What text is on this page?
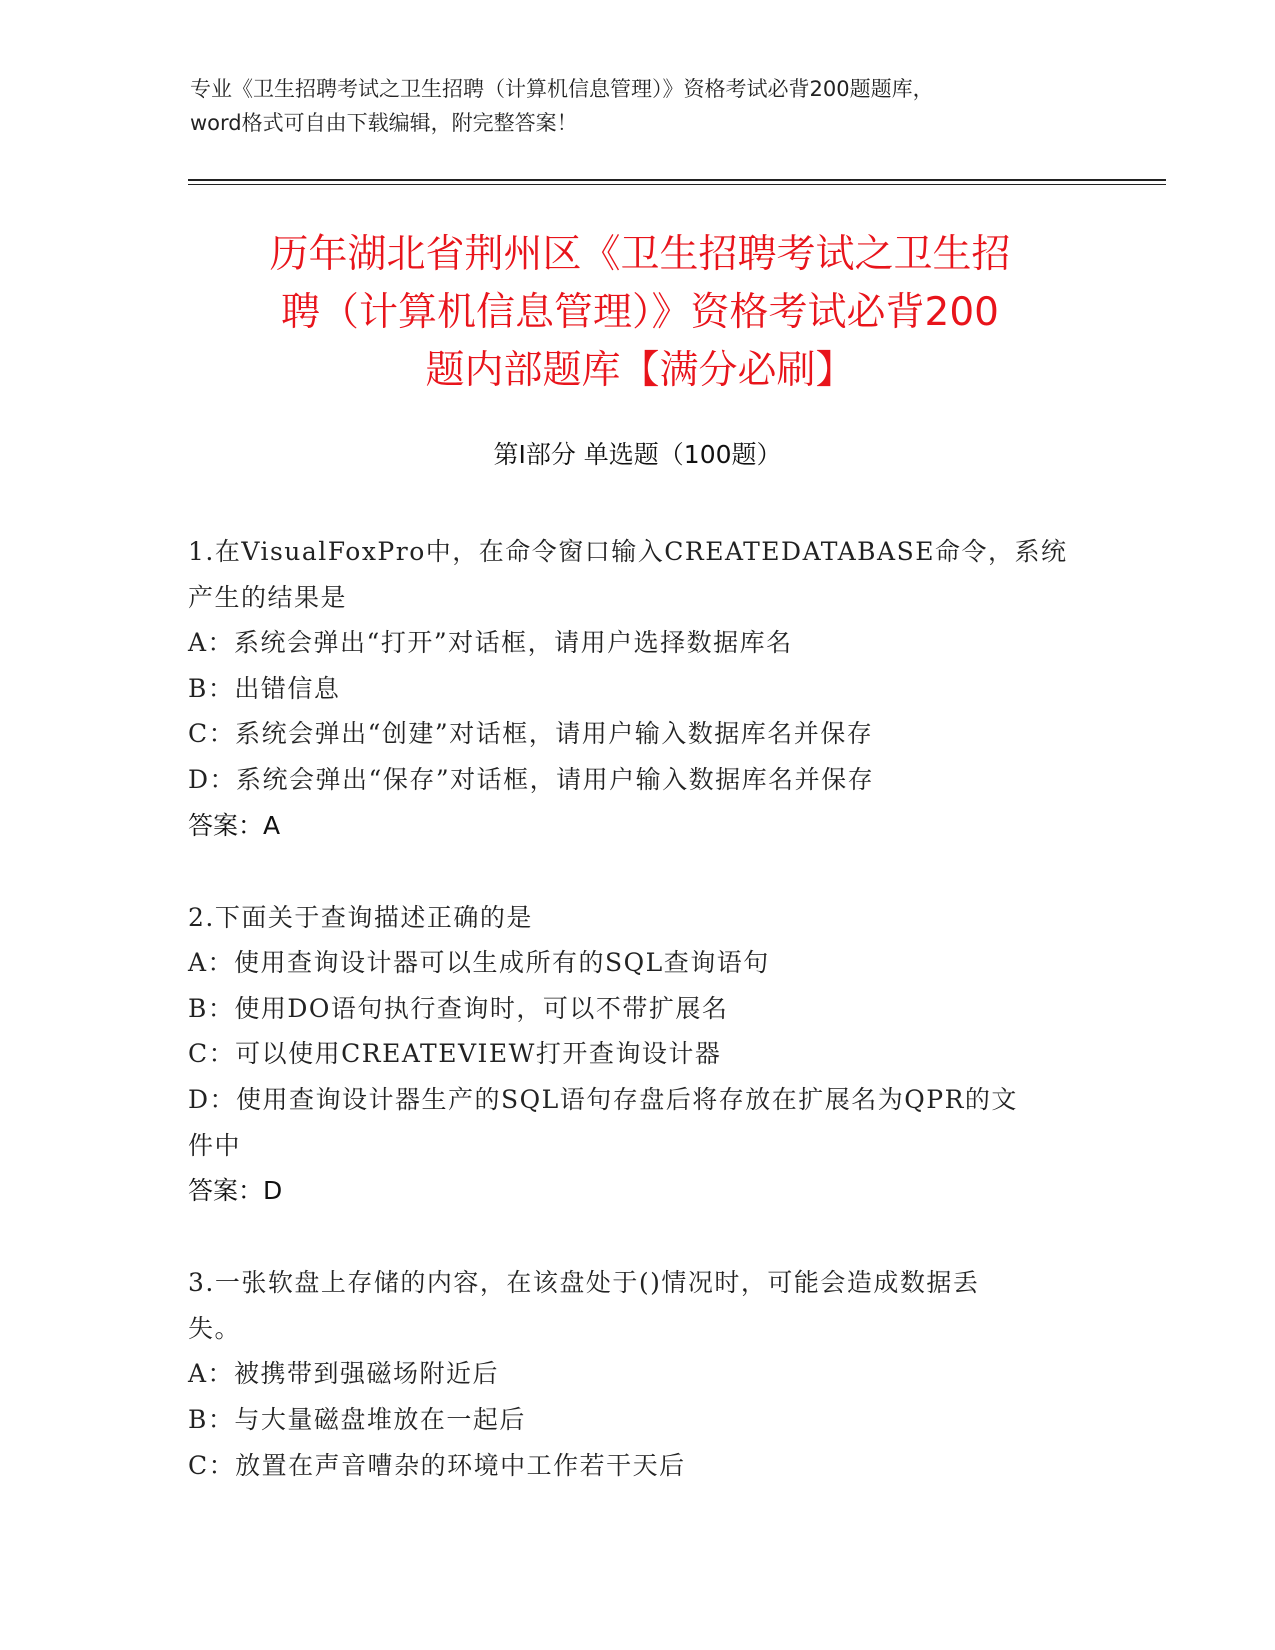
专业《卫生招聘考试之卫生招聘（计算机信息管理）》资格考试必背200题题库，
word格式可自由下载编辑，附完整答案！
历年湖北省荆州区《卫生招聘考试之卫生招
聘（计算机信息管理）》资格考试必背200
题内部题库【满分必刷】
第Ⅰ部分 单选题（100题）
1.在VisualFoxPro中，在命令窗口输入CREATEDATABASE命令，系统
产生的结果是
A：系统会弹出“打开”对话框，请用户选择数据库名
B：出错信息
C：系统会弹出“创建”对话框，请用户输入数据库名并保存
D：系统会弹出“保存”对话框，请用户输入数据库名并保存
答案：A
2.下面关于查询描述正确的是
A：使用查询设计器可以生成所有的SQL查询语句
B：使用DO语句执行查询时，可以不带扩展名
C：可以使用CREATEVIEW打开查询设计器
D：使用查询设计器生产的SQL语句存盘后将存放在扩展名为QPR的文
件中
答案：D
3.一张软盘上存储的内容，在该盘处于()情况时，可能会造成数据丢
失。
A：被携带到强磁场附近后
B：与大量磁盘堆放在一起后
C：放置在声音嘈杂的环境中工作若干天后
